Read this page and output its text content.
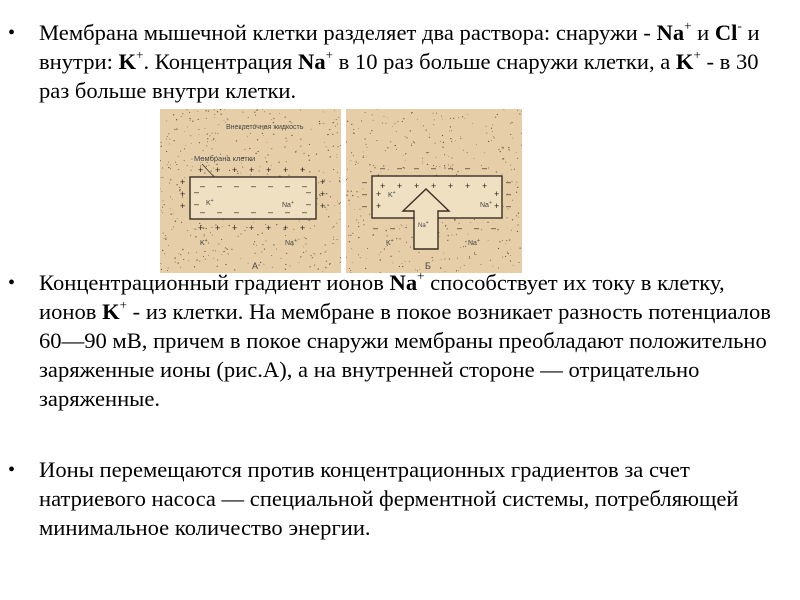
• Мембрана мышечной клетки разделяет два раствора: снаружи - Na+ и Cl- и внутри: K+. Концентрация Na+ в 10 раз больше снаружи клетки, а K+ - в 30 раз больше внутри клетки.

Внеклеточная жидкость
Мембрана клетки
K+
Na+
K+	Na+
А
+ + + + + + +
+ + + + + + +
– – – – – – –
– – – – – – –
+	+
+	+
+	+
–	–
–	–
Na+
K+
Na+
K+	Na+
Б
– – – – – – –
+ + + + + + +
– –	– – –
–	–
–	–
–	–
+	+
+	+
• Концентрационный градиент ионов Na+ способствует их току в клетку, ионов K+ - из клетки. На мембране в покое возникает разность потенциалов 60—90 мВ, причем в покое снаружи мембраны преобладают положительно заряженные ионы (рис.А), а на внутренней стороне — отрицательно заряженные.

• Ионы перемещаются против концентрационных градиентов за счет натриевого насоса — специальной ферментной системы, потребляющей минимальное количество энергии.
